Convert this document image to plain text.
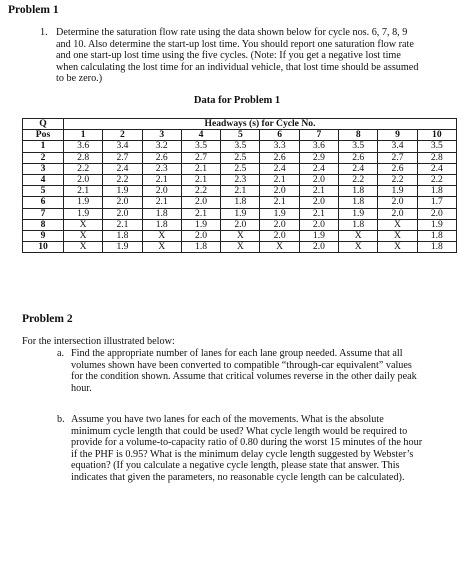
Problem 1
1. Determine the saturation flow rate using the data shown below for cycle nos. 6, 7, 8, 9
and 10. Also determine the start-up lost time. You should report one saturation flow rate
and one start-up lost time using the five cycles. (Note: If you get a negative lost time
when calculating the lost time for an individual vehicle, that lost time should be assumed
to be zero.)
Data for Problem 1
Q	Headways (s) for Cycle No.									
Pos	1	2	3	4	5	6	7	8	9	10
1	3.6	3.4	3.2	3.5	3.5	3.3	3.6	3.5	3.4	3.5
2	2.8	2.7	2.6	2.7	2.5	2.6	2.9	2.6	2.7	2.8
3	2.2	2.4	2.3	2.1	2.5	2.4	2.4	2.4	2.6	2.4
4	2.0	2.2	2.1	2.1	2.3	2.1	2.0	2.2	2.2	2.2
5	2.1	1.9	2.0	2.2	2.1	2.0	2.1	1.8	1.9	1.8
6	1.9	2.0	2.1	2.0	1.8	2.1	2.0	1.8	2.0	1.7
7	1.9	2.0	1.8	2.1	1.9	1.9	2.1	1.9	2.0	2.0
8	X	2.1	1.8	1.9	2.0	2.0	2.0	1.8	X	1.9
9	X	1.8	X	2.0	X	2.0	1.9	X	X	1.8
10	X	1.9	X	1.8	X	X	2.0	X	X	1.8
Problem 2
For the intersection illustrated below:
a. Find the appropriate number of lanes for each lane group needed. Assume that all
volumes shown have been converted to compatible “through-car equivalent” values
for the condition shown. Assume that critical volumes reverse in the other daily peak
hour.
b. Assume you have two lanes for each of the movements. What is the absolute
minimum cycle length that could be used? What cycle length would be required to
provide for a volume-to-capacity ratio of 0.80 during the worst 15 minutes of the hour
if the PHF is 0.95? What is the minimum delay cycle length suggested by Webster’s
equation? (If you calculate a negative cycle length, please state that answer. This
indicates that given the parameters, no reasonable cycle length can be calculated).
